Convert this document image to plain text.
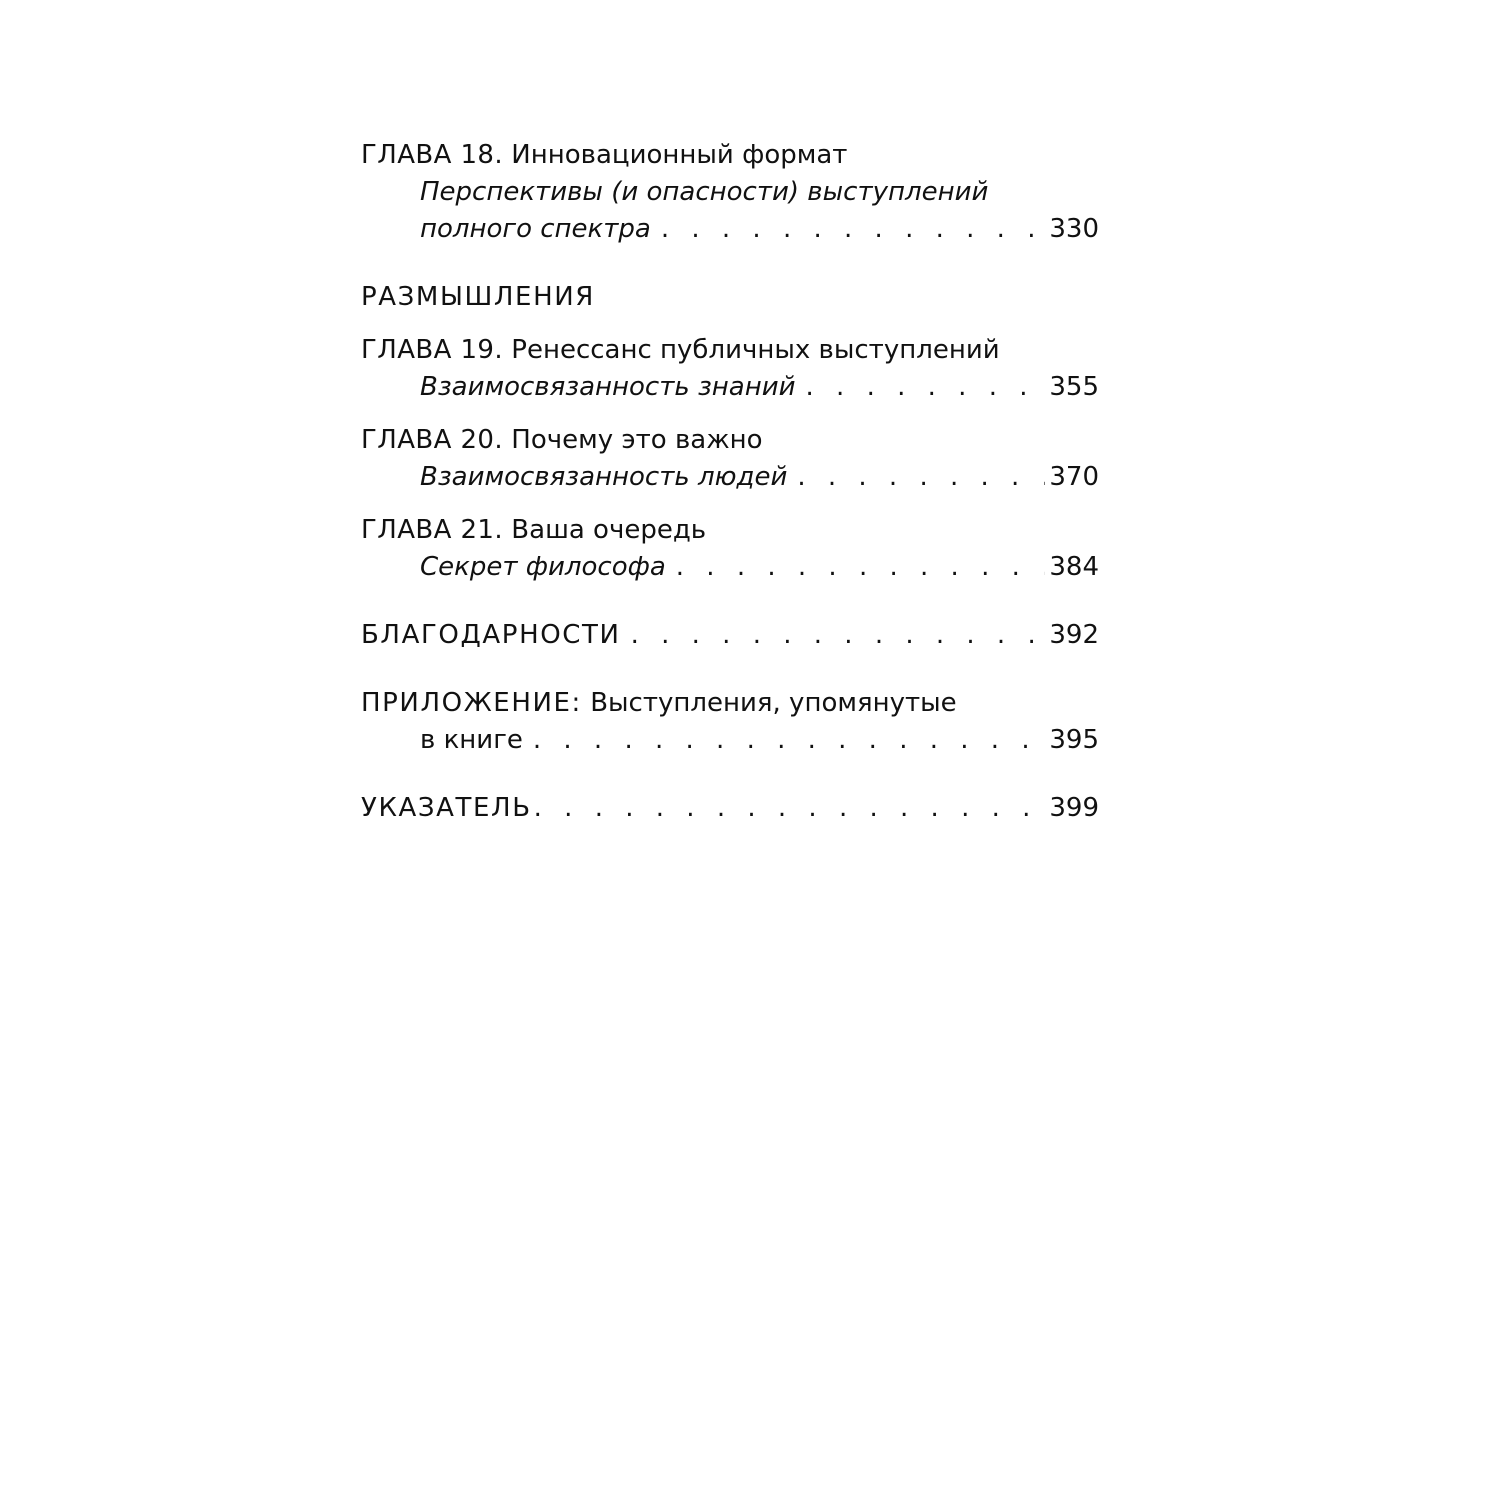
ГЛАВА 18.
Инновационный формат
Перспективы (и опасности) выступлений
полного спектра . . .	330
РАЗМЫШЛЕНИЯ
ГЛАВА 19.
Ренессанс публичных выступлений
Взаимосвязанность знаний . . .	355
ГЛАВА 20.
Почему это важно
Взаимосвязанность людей . . .	370
ГЛАВА 21.
Ваша очередь
Секрет философа . . .	384
БЛАГОДАРНОСТИ . . .	392
ПРИЛОЖЕНИЕ:
Выступления, упомянутые
в книге . . .	395
УКАЗАТЕЛЬ . . .	399
